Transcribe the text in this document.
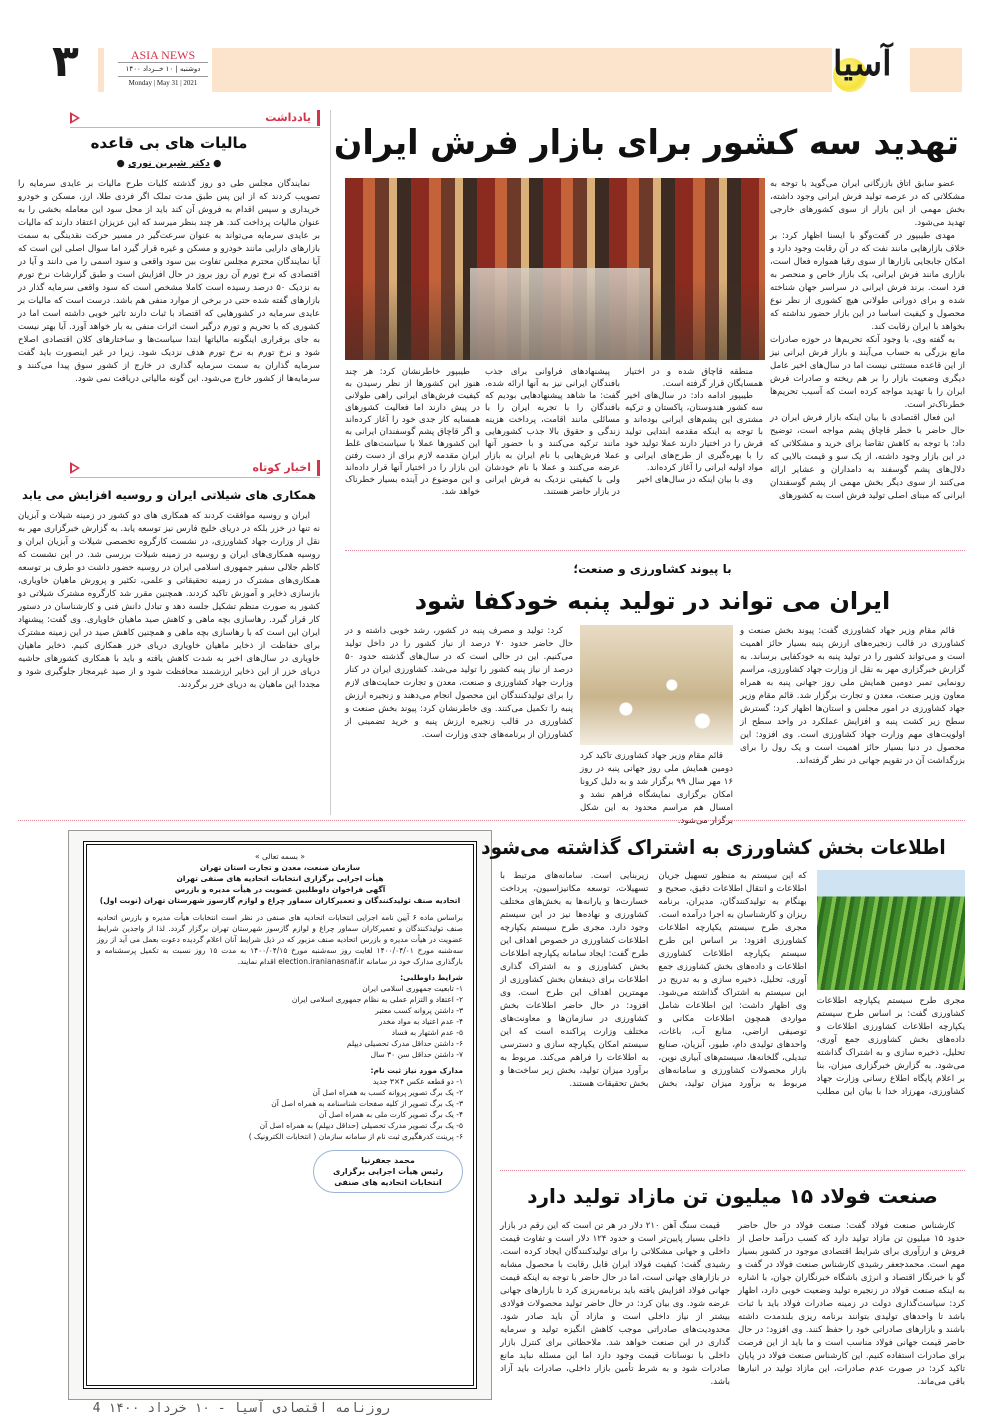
آسیا
۳	ASIA NEWS
دوشنبه | ۱۰ خــرداد ۱۴۰۰
Monday | May 31 | 2021
یادداشت
مالیات های بی قاعده
● دکتر شیرین نوری ●
نمایندگان مجلس طی دو روز گذشته کلیات طرح مالیات بر عایدی سرمایه را تصویب کردند که از این پس طبق مدت تملک اگر فردی طلا، ارز، مسکن و خودرو خریداری و سپس اقدام به فروش آن کند باید از محل سود این معامله بخشی را به عنوان مالیات پرداخت کند. هر چند بنظر میرسد که این عزیزان اعتقاد دارند که مالیات بر عایدی سرمایه می‌تواند به عنوان سرعت‌گیر در مسیر حرکت نقدینگی به سمت بازارهای دارایی مانند خودرو و مسکن و غیره قرار گیرد اما سوال اصلی این است که آیا نمایندگان محترم مجلس تفاوت بین سود واقعی و سود اسمی را می دانند و آیا در اقتصادی که نرخ تورم آن روز بروز در حال افزایش است و طبق گزارشات نرخ تورم به نزدیک ۵۰ درصد رسیده است کاملا مشخص است که سود واقعی سرمایه گذار در بازارهای گفته شده حتی در برخی از موارد منفی هم باشد. درست است که مالیات بر عایدی سرمایه در کشورهایی که اقتصاد با ثبات دارند تاثیر خوبی داشته است اما در کشوری که با تحریم و تورم درگیر است اثرات منفی به بار خواهد آورد. آیا بهتر نیست به جای برقراری اینگونه مالیاتها ابتدا سیاست‌ها و ساختارهای کلان اقتصادی اصلاح شود و نرخ تورم به نرخ تورم هدف نزدیک شود. زیرا در غیر اینصورت باید گفت سرمایه گذاران به سمت سرمایه گذاری در خارج از کشور سوق پیدا می‌کنند و سرمایه‌ها از کشور خارج می‌شود. این گونه مالیاتی دریافت نمی شود.
اخبار کوتاه
همکاری های شیلاتی ایران و روسیه افزایش می یابد
ایران و روسیه موافقت کردند که همکاری های دو کشور در زمینه شیلات و آبزیان نه تنها در خزر بلکه در دریای خلیج فارس نیز توسعه یابد. به گزارش خبرگزاری مهر به نقل از وزارت جهاد کشاورزی، در نشست کارگروه تخصصی شیلات و آبزیان ایران و روسیه همکاری‌های ایران و روسیه در زمینه شیلات بررسی شد. در این نشست که کاظم جلالی سفیر جمهوری اسلامی ایران در روسیه حضور داشت دو طرف بر توسعه همکاری‌های مشترک در زمینه تحقیقاتی و علمی، تکثیر و پرورش ماهیان خاویاری، بازسازی ذخایر و آموزش تاکید کردند. همچنین مقرر شد کارگروه مشترک شیلاتی دو کشور به صورت منظم تشکیل جلسه دهد و تبادل دانش فنی و کارشناسان در دستور کار قرار گیرد. رهاسازی بچه ماهی و کاهش صید ماهیان خاویاری. وی گفت: پیشنهاد ایران این است که با رهاسازی بچه ماهی و همچنین کاهش صید در این زمینه مشترک برای حفاظت از ذخایر ماهیان خاویاری دریای خزر همکاری کنیم. ذخایر ماهیان خاویاری در سال‌های اخیر به شدت کاهش یافته و باید با همکاری کشورهای حاشیه دریای خزر از این ذخایر ارزشمند محافظت شود و از صید غیرمجاز جلوگیری شود و مجددا این ماهیان به دریای خزر برگردند.
تهدید سه کشور برای بازار فرش ایران

عضو سابق اتاق بازرگانی ایران می‌گوید با توجه به مشکلاتی که در عرصه تولید فرش ایرانی وجود داشته، بخش مهمی از این بازار از سوی کشورهای خارجی تهدید می‌شود.

مهدی طیبپور در گفت‌وگو با ایسنا اظهار کرد: بر خلاف بازارهایی مانند نفت که در آن رقابت وجود دارد و امکان جابجایی بازارها از سوی رقبا همواره فعال است، بازاری مانند فرش ایرانی، یک بازار خاص و منحصر به فرد است. برند فرش ایرانی در سراسر جهان شناخته شده و برای دورانی طولانی هیچ کشوری از نظر نوع محصول و کیفیت اساسا در این بازار حضور نداشته که بخواهد با ایران رقابت کند.

به گفته وی، با وجود آنکه تحریم‌ها در حوزه صادرات مانع بزرگی به حساب می‌آیند و بازار فرش ایرانی نیز از این قاعده مستثنی نیست اما در سال‌های اخیر عامل دیگری وضعیت بازار را بر هم ریخته و صادرات فرش ایران را با تهدید مواجه کرده است که آسیب تحریم‌ها خطرناک‌تر است.

این فعال اقتصادی با بیان اینکه بازار فرش ایران در حال حاضر با خطر قاچاق پشم مواجه است، توضیح داد: با توجه به کاهش تقاضا برای خرید و مشکلاتی که در این بازار وجود داشته، از یک سو و قیمت بالایی که دلال‌های پشم گوسفند به دامداران و عشایر ارائه می‌کنند از سوی دیگر بخش مهمی از پشم گوسفندان ایرانی که مبنای اصلی تولید فرش است به کشورهای

منطقه قاچاق شده و در اختیار همسایگان قرار گرفته است.

طیبپور ادامه داد: در سال‌های اخیر سه کشور هندوستان، پاکستان و ترکیه مشتری این پشم‌های ایرانی بوده‌اند و با توجه به اینکه مقدمه ابتدایی تولید فرش را در اختیار دارند عملا تولید خود را با بهره‌گیری از طرح‌های ایرانی و مواد اولیه ایرانی را آغاز کرده‌اند.

وی با بیان اینکه در سال‌های اخیر

پیشنهادهای فراوانی برای جذب بافندگان ایرانی نیز به آنها ارائه شده، گفت: ما شاهد پیشنهادهایی بودیم که بافندگان را با تجربه ایران را با مسائلی مانند اقامت، پرداخت هزینه زندگی و حقوق بالا جذب کشورهایی مانند ترکیه می‌کنند و با حضور آنها عملا فرش‌هایی با نام ایران به بازار عرضه می‌کنند و عملا با نام خودشان ولی با کیفیتی نزدیک به فرش ایرانی در بازار حاضر هستند.

طیبپور خاطرنشان کرد: هر چند هنوز این کشورها از نظر رسیدن به کیفیت فرش‌های ایرانی راهی طولانی در پیش دارند اما فعالیت کشورهای همسایه کار جدی خود را آغاز کرده‌اند و اگر قاچاق پشم گوسفندان ایرانی به این کشورها عملا با سیاست‌های غلط ایران مقدمه لازم برای از دست رفتن این بازار را در اختیار آنها قرار داده‌اند و این موضوع در آینده بسیار خطرناک خواهد شد.

با پیوند کشاورزی و صنعت؛
ایران می تواند در تولید پنبه خودکفا شود
قائم مقام وزیر جهاد کشاورزی گفت: پیوند بخش صنعت و کشاورزی در قالب زنجیره‌های ارزش پنبه بسیار حائز اهمیت است و می‌تواند کشور را در تولید پنبه به خودکفایی برساند. به گزارش خبرگزاری مهر به نقل از وزارت جهاد کشاورزی، مراسم رونمایی تمبر دومین همایش ملی روز جهانی پنبه به همراه معاون وزیر صنعت، معدن و تجارت برگزار شد. قائم مقام وزیر جهاد کشاورزی در امور مجلس و استان‌ها اظهار کرد: گسترش سطح زیر کشت پنبه و افزایش عملکرد در واحد سطح از اولویت‌های مهم وزارت جهاد کشاورزی است. وی افزود: این محصول در دنیا بسیار حائز اهمیت است و یک رول را برای بزرگداشت آن در تقویم جهانی در نظر گرفته‌اند.
قائم مقام وزیر جهاد کشاورزی تاکید کرد دومین همایش ملی روز جهانی پنبه در روز ۱۶ مهر سال ۹۹ برگزار شد و به دلیل کرونا امکان برگزاری نمایشگاه فراهم نشد و امسال هم مراسم محدود به این شکل برگزار می‌شود.
کرد: تولید و مصرف پنبه در کشور، رشد خوبی داشته و در حال حاضر حدود ۷۰ درصد از نیاز کشور را در داخل تولید می‌کنیم. این در حالی است که در سال‌های گذشته حدود ۵۰ درصد از نیاز پنبه کشور را تولید می‌شد. کشاورزی ایران در کنار وزارت جهاد کشاورزی و صنعت، معدن و تجارت حمایت‌های لازم را برای تولیدکنندگان این محصول انجام می‌دهند و زنجیره ارزش پنبه را تکمیل می‌کنند. وی خاطرنشان کرد: پیوند بخش صنعت و کشاورزی در قالب زنجیره ارزش پنبه و خرید تضمینی از کشاورزان از برنامه‌های جدی وزارت است.
« بسمه تعالی »
سازمان صنعت، معدن و تجارت استان تهران
هیأت اجرایی برگزاری انتخابات اتحادیه های صنفی تهران
آگهی فراخوان داوطلبین عضویت در هیأت مدیره و بازرس
اتحادیه صنف تولیدکنندگان و تعمیرکاران سماور چراغ و لوازم گازسوز شهرستان تهران (نوبت اول)
براساس ماده ۶ آیین نامه اجرایی انتخابات اتحادیه های صنفی در نظر است انتخابات هیأت مدیره و بازرس اتحادیه صنف تولیدکنندگان و تعمیرکاران سماور چراغ و لوازم گازسوز شهرستان تهران برگزار گردد. لذا از واجدین شرایط عضویت در هیأت مدیره و بازرس اتحادیه صنف مزبور که در ذیل شرایط آنان اعلام گردیده دعوت بعمل می آید از روز سه‌شنبه مورخ ۱۴۰۰/۰۴/۰۱ لغایت روز سه‌شنبه مورخ ۱۴۰۰/۰۴/۱۵ به مدت ۱۵ روز نسبت به تکمیل پرسشنامه و بارگذاری مدارک خود در سامانه election.iranianasnaf.ir اقدام نمایند.
شرایط داوطلبی:
۱- تابعیت جمهوری اسلامی ایران
۲- اعتقاد و التزام عملی به نظام جمهوری اسلامی ایران
۳- داشتن پروانه کسب معتبر
۴- عدم اعتیاد به مواد مخدر
۵- عدم اشتهار به فساد
۶- داشتن حداقل مدرک تحصیلی دیپلم
۷- داشتن حداقل سن ۳۰ سال
مدارک مورد نیاز ثبت نام:
۱- دو قطعه عکس ۴×۳ جدید
۲- یک برگ تصویر پروانه کسب به همراه اصل آن
۳- یک برگ تصویر از کلیه صفحات شناسنامه به همراه اصل آن
۴- یک برگ تصویر کارت ملی به همراه اصل آن
۵- یک برگ تصویر مدرک تحصیلی (حداقل دیپلم) به همراه اصل آن
۶- پرینت کدرهگیری ثبت نام از سامانه سازمان ( انتخابات الکترونیک )
محمد جعفرنیا
رئیس هیأت اجرایی برگزاری انتخابات اتحادیه های صنفی
روزنامه اقتصادی آسیا - ۱۰ خرداد ۱۴۰۰ 4
اطلاعات بخش کشاورزی به اشتراک گذاشته می‌شود
مجری طرح سیستم یکپارچه اطلاعات کشاورزی گفت: بر اساس طرح سیستم یکپارچه اطلاعات کشاورزی اطلاعات و داده‌های بخش کشاورزی جمع آوری، تحلیل، ذخیره سازی و به اشتراک گذاشته می‌شود. به گزارش خبرگزاری میزان، بنا بر اعلام پایگاه اطلاع رسانی وزارت جهاد کشاورزی، مهرزاد خدا با بیان این مطلب که این سیستم به منظور تسهیل جریان اطلاعات و انتقال اطلاعات دقیق، صحیح و بهنگام به تولیدکنندگان، مدیران، برنامه ریزان و کارشناسان به اجرا درآمده است. مجری طرح سیستم یکپارچه اطلاعات کشاورزی افزود: بر اساس این طرح سیستم یکپارچه اطلاعات کشاورزی اطلاعات و داده‌های بخش کشاورزی جمع آوری، تحلیل، ذخیره سازی و به تدریج در این سیستم به اشتراک گذاشته می‌شود. وی اظهار داشت: این اطلاعات شامل مواردی همچون اطلاعات مکانی و توصیفی اراضی، منابع آب، باغات، واحدهای تولیدی دام، طیور، آبزیان، صنایع تبدیلی، گلخانه‌ها، سیستم‌های آبیاری نوین، بازار محصولات کشاورزی و سامانه‌های مربوط به برآورد میزان تولید، بخش زیربنایی است. سامانه‌های مرتبط با تسهیلات، توسعه مکانیزاسیون، پرداخت خسارت‌ها و یارانه‌ها به بخش‌های مختلف کشاورزی و نهاده‌ها نیز در این سیستم وجود دارد. مجری طرح سیستم یکپارچه اطلاعات کشاورزی در خصوص اهداف این طرح گفت: ایجاد سامانه یکپارچه اطلاعات بخش کشاورزی و به اشتراک گذاری اطلاعات برای ذینفعان بخش کشاورزی از مهمترین اهداف این طرح است. وی افزود: در حال حاضر اطلاعات بخش کشاورزی در سازمان‌ها و معاونت‌های مختلف وزارت پراکنده است که این سیستم امکان یکپارچه سازی و دسترسی به اطلاعات را فراهم می‌کند. مربوط به برآورد میزان تولید، بخش زیر ساخت‌ها و بخش تحقیقات هستند.
صنعت فولاد ۱۵ میلیون تن مازاد تولید دارد
کارشناس صنعت فولاد گفت: صنعت فولاد در حال حاضر حدود ۱۵ میلیون تن مازاد تولید دارد که کسب درآمد حاصل از فروش و ارزآوری برای شرایط اقتصادی موجود در کشور بسیار مهم است. محمدجعفر رشیدی کارشناس صنعت فولاد در گفت و گو با خبرنگار اقتصاد و انرژی باشگاه خبرنگاران جوان، با اشاره به اینکه صنعت فولاد در زنجیره تولید وضعیت خوبی دارد، اظهار کرد: سیاست‌گذاری دولت در زمینه صادرات فولاد باید با ثبات باشد تا واحدهای تولیدی بتوانند برنامه ریزی بلندمدت داشته باشند و بازارهای صادراتی خود را حفظ کنند. وی افزود: در حال حاضر قیمت جهانی فولاد مناسب است و ما باید از این فرصت برای صادرات استفاده کنیم. این کارشناس صنعت فولاد در پایان تاکید کرد: در صورت عدم صادرات، این مازاد تولید در انبارها باقی می‌ماند.
قیمت سنگ آهن ۲۱۰ دلار در هر تن است که این رقم در بازار داخلی بسیار پایین‌تر است و حدود ۱۲۴ دلار است و تفاوت قیمت داخلی و جهانی مشکلاتی را برای تولیدکنندگان ایجاد کرده است. رشیدی گفت: کیفیت فولاد ایران قابل رقابت با محصول مشابه در بازارهای جهانی است، اما در حال حاضر با توجه به اینکه قیمت جهانی فولاد افزایش یافته باید برنامه‌ریزی کرد تا بازارهای جهانی عرضه شود. وی بیان کرد: در حال حاضر تولید محصولات فولادی بیشتر از نیاز داخلی است و مازاد آن باید صادر شود. محدودیت‌های صادراتی موجب کاهش انگیزه تولید و سرمایه گذاری در این صنعت خواهد شد. ملاحظاتی برای کنترل بازار داخلی با نوسانات قیمت وجود دارد اما این مسئله نباید مانع صادرات شود و به شرط تأمین بازار داخلی، صادرات باید آزاد باشد.
